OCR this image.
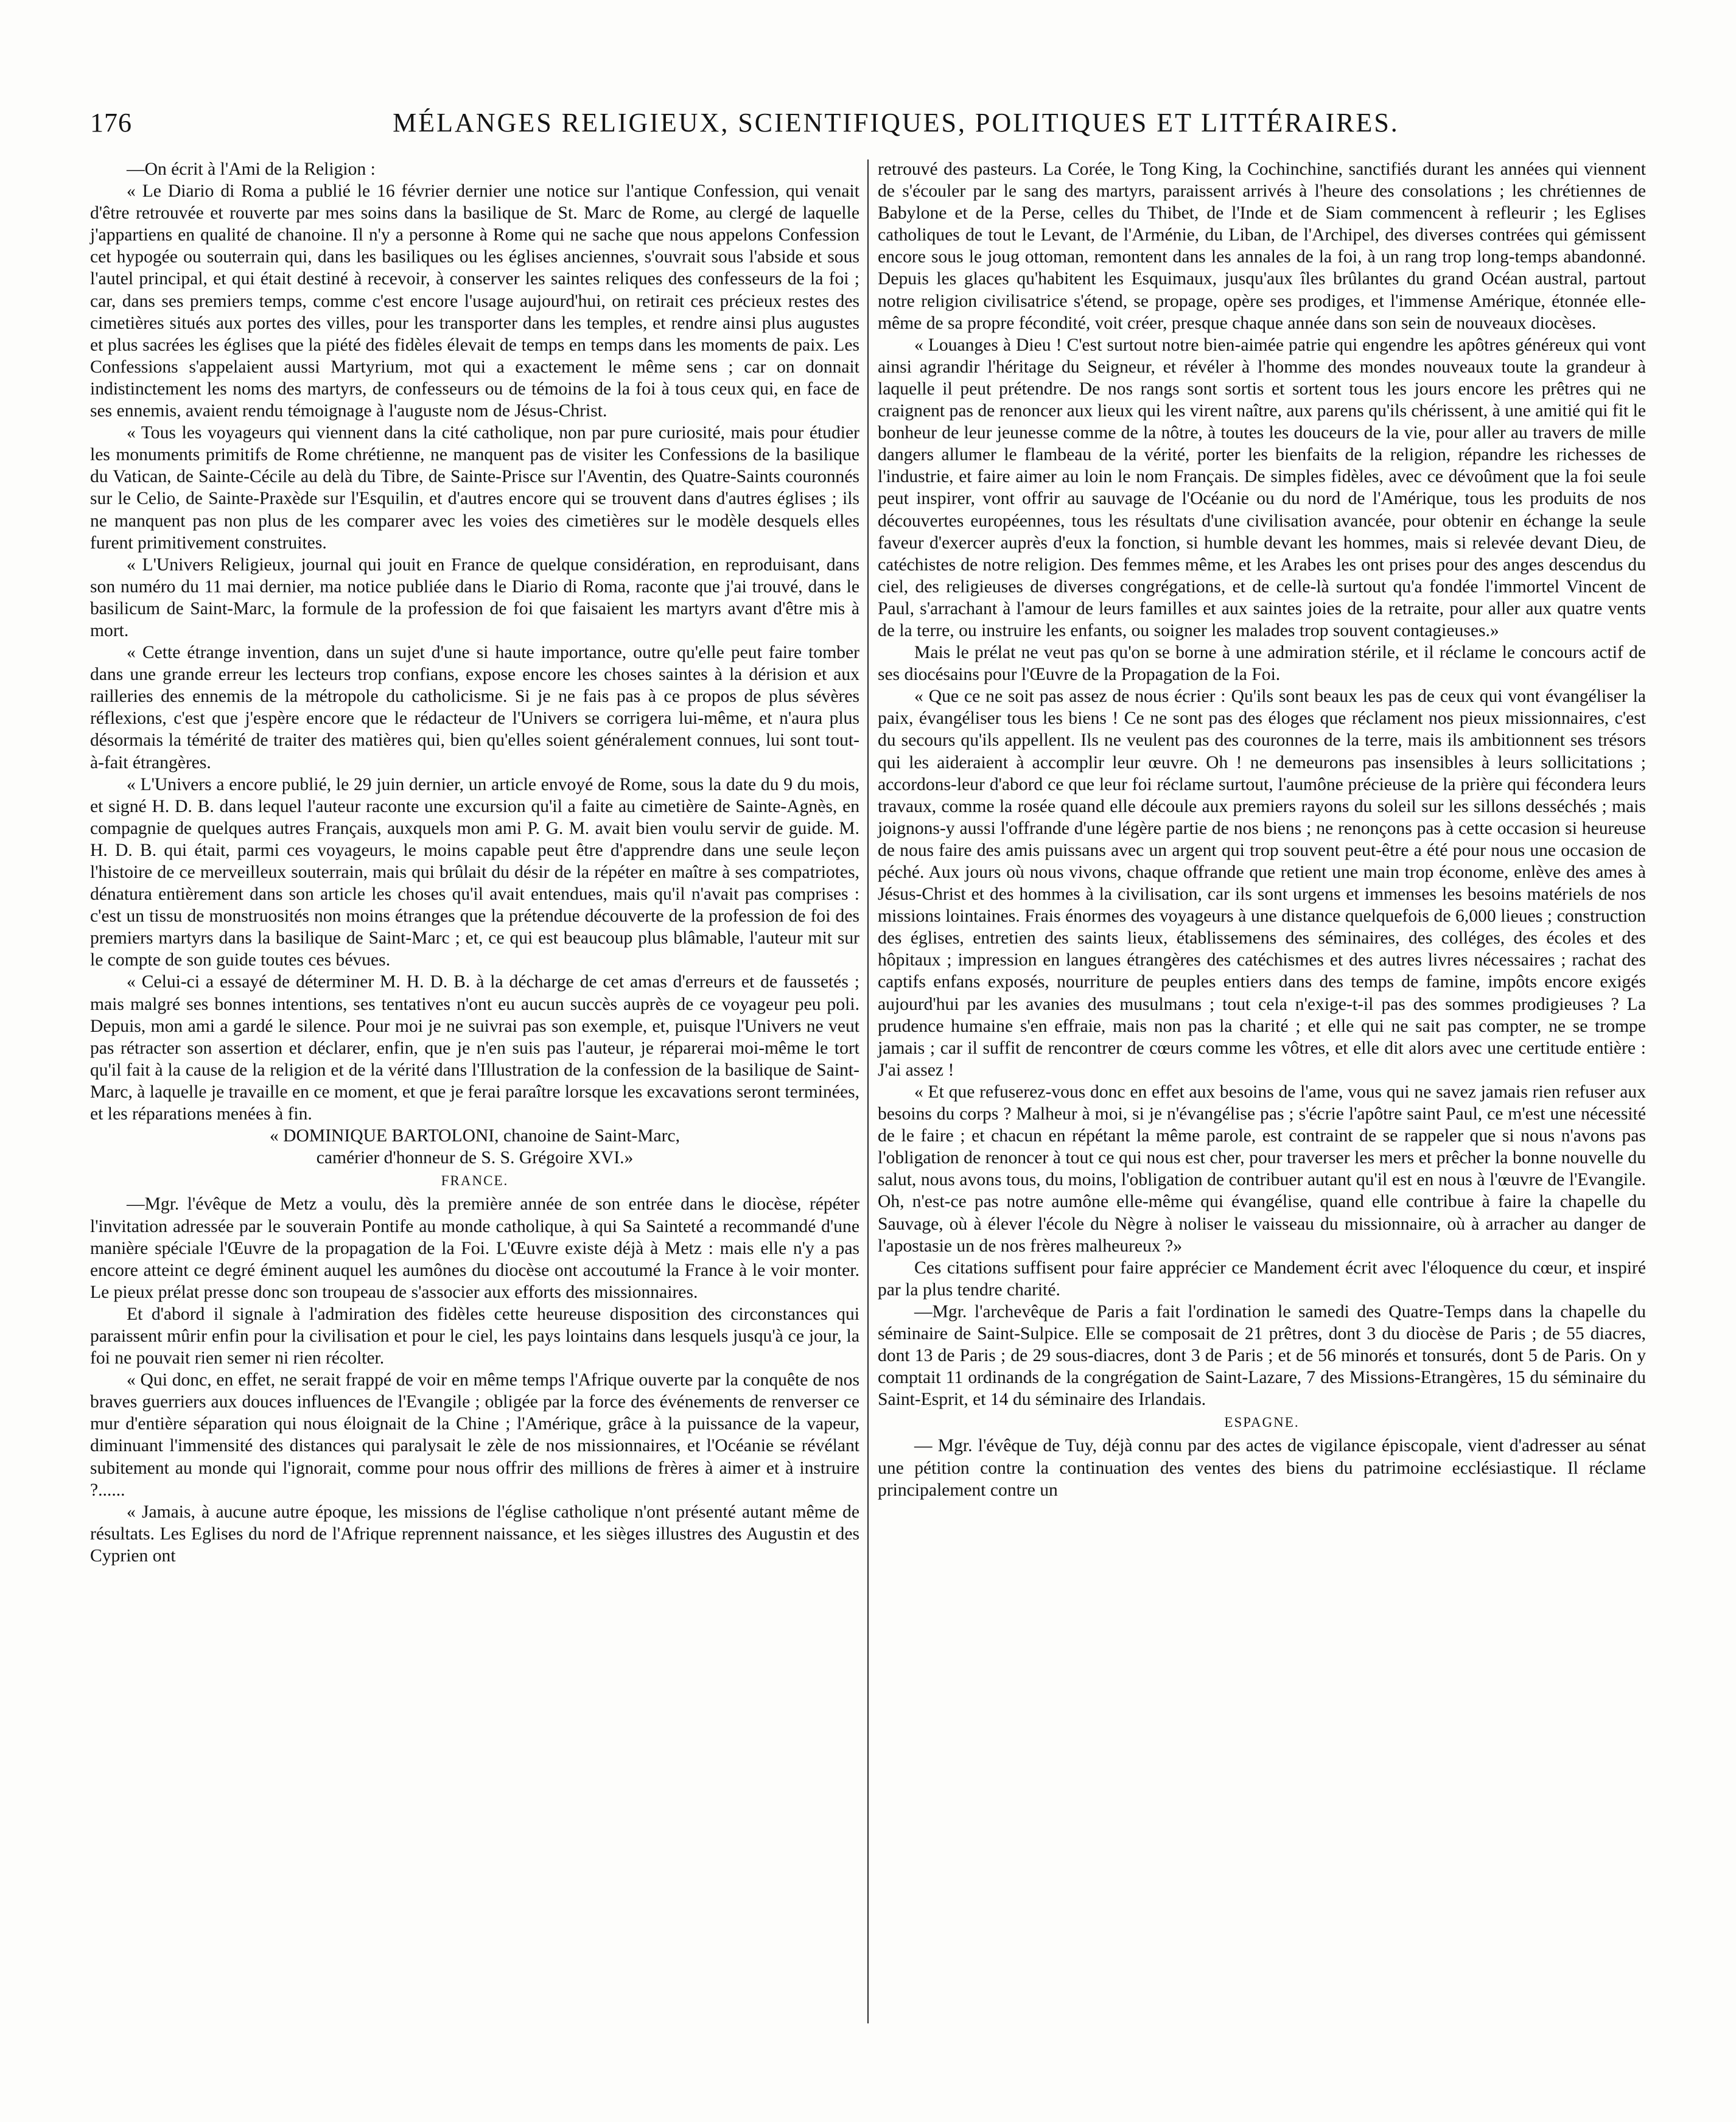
176	MÉLANGES RELIGIEUX, SCIENTIFIQUES, POLITIQUES ET LITTÉRAIRES.

—On écrit à l'Ami de la Religion :

« Le Diario di Roma a publié le 16 février dernier une notice sur l'antique Confession, qui venait d'être retrouvée et rouverte par mes soins dans la basilique de St. Marc de Rome, au clergé de laquelle j'appartiens en qualité de chanoine. Il n'y a personne à Rome qui ne sache que nous appelons Confession cet hypogée ou souterrain qui, dans les basiliques ou les églises anciennes, s'ouvrait sous l'abside et sous l'autel principal, et qui était destiné à recevoir, à conserver les saintes reliques des confesseurs de la foi ; car, dans ses premiers temps, comme c'est encore l'usage aujourd'hui, on retirait ces précieux restes des cimetières situés aux portes des villes, pour les transporter dans les temples, et rendre ainsi plus augustes et plus sacrées les églises que la piété des fidèles élevait de temps en temps dans les moments de paix. Les Confessions s'appelaient aussi Martyrium, mot qui a exactement le même sens ; car on donnait indistinctement les noms des martyrs, de confesseurs ou de témoins de la foi à tous ceux qui, en face de ses ennemis, avaient rendu témoignage à l'auguste nom de Jésus-Christ.

« Tous les voyageurs qui viennent dans la cité catholique, non par pure curiosité, mais pour étudier les monuments primitifs de Rome chrétienne, ne manquent pas de visiter les Confessions de la basilique du Vatican, de Sainte-Cécile au delà du Tibre, de Sainte-Prisce sur l'Aventin, des Quatre-Saints couronnés sur le Celio, de Sainte-Praxède sur l'Esquilin, et d'autres encore qui se trouvent dans d'autres églises ; ils ne manquent pas non plus de les comparer avec les voies des cimetières sur le modèle desquels elles furent primitivement construites.

« L'Univers Religieux, journal qui jouit en France de quelque considération, en reproduisant, dans son numéro du 11 mai dernier, ma notice publiée dans le Diario di Roma, raconte que j'ai trouvé, dans le basilicum de Saint-Marc, la formule de la profession de foi que faisaient les martyrs avant d'être mis à mort.

« Cette étrange invention, dans un sujet d'une si haute importance, outre qu'elle peut faire tomber dans une grande erreur les lecteurs trop confians, expose encore les choses saintes à la dérision et aux railleries des ennemis de la métropole du catholicisme. Si je ne fais pas à ce propos de plus sévères réflexions, c'est que j'espère encore que le rédacteur de l'Univers se corrigera lui-même, et n'aura plus désormais la témérité de traiter des matières qui, bien qu'elles soient généralement connues, lui sont tout-à-fait étrangères.

« L'Univers a encore publié, le 29 juin dernier, un article envoyé de Rome, sous la date du 9 du mois, et signé H. D. B. dans lequel l'auteur raconte une excursion qu'il a faite au cimetière de Sainte-Agnès, en compagnie de quelques autres Français, auxquels mon ami P. G. M. avait bien voulu servir de guide. M. H. D. B. qui était, parmi ces voyageurs, le moins capable peut être d'apprendre dans une seule leçon l'histoire de ce merveilleux souterrain, mais qui brûlait du désir de la répéter en maître à ses compatriotes, dénatura entièrement dans son article les choses qu'il avait entendues, mais qu'il n'avait pas comprises : c'est un tissu de monstruosités non moins étranges que la prétendue découverte de la profession de foi des premiers martyrs dans la basilique de Saint-Marc ; et, ce qui est beaucoup plus blâmable, l'auteur mit sur le compte de son guide toutes ces bévues.

« Celui-ci a essayé de déterminer M. H. D. B. à la décharge de cet amas d'erreurs et de faussetés ; mais malgré ses bonnes intentions, ses tentatives n'ont eu aucun succès auprès de ce voyageur peu poli. Depuis, mon ami a gardé le silence. Pour moi je ne suivrai pas son exemple, et, puisque l'Univers ne veut pas rétracter son assertion et déclarer, enfin, que je n'en suis pas l'auteur, je réparerai moi-même le tort qu'il fait à la cause de la religion et de la vérité dans l'Illustration de la confession de la basilique de Saint-Marc, à laquelle je travaille en ce moment, et que je ferai paraître lorsque les excavations seront terminées, et les réparations menées à fin.

« DOMINIQUE BARTOLONI, chanoine de Saint-Marc,

camérier d'honneur de S. S. Grégoire XVI.»

FRANCE.

—Mgr. l'évêque de Metz a voulu, dès la première année de son entrée dans le diocèse, répéter l'invitation adressée par le souverain Pontife au monde catholique, à qui Sa Sainteté a recommandé d'une manière spéciale l'Œuvre de la propagation de la Foi. L'Œuvre existe déjà à Metz : mais elle n'y a pas encore atteint ce degré éminent auquel les aumônes du diocèse ont accoutumé la France à le voir monter. Le pieux prélat presse donc son troupeau de s'associer aux efforts des missionnaires.

Et d'abord il signale à l'admiration des fidèles cette heureuse disposition des circonstances qui paraissent mûrir enfin pour la civilisation et pour le ciel, les pays lointains dans lesquels jusqu'à ce jour, la foi ne pouvait rien semer ni rien récolter.

« Qui donc, en effet, ne serait frappé de voir en même temps l'Afrique ouverte par la conquête de nos braves guerriers aux douces influences de l'Evangile ; obligée par la force des événements de renverser ce mur d'entière séparation qui nous éloignait de la Chine ; l'Amérique, grâce à la puissance de la vapeur, diminuant l'immensité des distances qui paralysait le zèle de nos missionnaires, et l'Océanie se révélant subitement au monde qui l'ignorait, comme pour nous offrir des millions de frères à aimer et à instruire ?......

« Jamais, à aucune autre époque, les missions de l'église catholique n'ont présenté autant même de résultats. Les Eglises du nord de l'Afrique reprennent naissance, et les sièges illustres des Augustin et des Cyprien ont

retrouvé des pasteurs. La Corée, le Tong King, la Cochinchine, sanctifiés durant les années qui viennent de s'écouler par le sang des martyrs, paraissent arrivés à l'heure des consolations ; les chrétiennes de Babylone et de la Perse, celles du Thibet, de l'Inde et de Siam commencent à refleurir ; les Eglises catholiques de tout le Levant, de l'Arménie, du Liban, de l'Archipel, des diverses contrées qui gémissent encore sous le joug ottoman, remontent dans les annales de la foi, à un rang trop long-temps abandonné. Depuis les glaces qu'habitent les Esquimaux, jusqu'aux îles brûlantes du grand Océan austral, partout notre religion civilisatrice s'étend, se propage, opère ses prodiges, et l'immense Amérique, étonnée elle-même de sa propre fécondité, voit créer, presque chaque année dans son sein de nouveaux diocèses.

« Louanges à Dieu ! C'est surtout notre bien-aimée patrie qui engendre les apôtres généreux qui vont ainsi agrandir l'héritage du Seigneur, et révéler à l'homme des mondes nouveaux toute la grandeur à laquelle il peut prétendre. De nos rangs sont sortis et sortent tous les jours encore les prêtres qui ne craignent pas de renoncer aux lieux qui les virent naître, aux parens qu'ils chérissent, à une amitié qui fit le bonheur de leur jeunesse comme de la nôtre, à toutes les douceurs de la vie, pour aller au travers de mille dangers allumer le flambeau de la vérité, porter les bienfaits de la religion, répandre les richesses de l'industrie, et faire aimer au loin le nom Français. De simples fidèles, avec ce dévoûment que la foi seule peut inspirer, vont offrir au sauvage de l'Océanie ou du nord de l'Amérique, tous les produits de nos découvertes européennes, tous les résultats d'une civilisation avancée, pour obtenir en échange la seule faveur d'exercer auprès d'eux la fonction, si humble devant les hommes, mais si relevée devant Dieu, de catéchistes de notre religion. Des femmes même, et les Arabes les ont prises pour des anges descendus du ciel, des religieuses de diverses congrégations, et de celle-là surtout qu'a fondée l'immortel Vincent de Paul, s'arrachant à l'amour de leurs familles et aux saintes joies de la retraite, pour aller aux quatre vents de la terre, ou instruire les enfants, ou soigner les malades trop souvent contagieuses.»

Mais le prélat ne veut pas qu'on se borne à une admiration stérile, et il réclame le concours actif de ses diocésains pour l'Œuvre de la Propagation de la Foi.

« Que ce ne soit pas assez de nous écrier : Qu'ils sont beaux les pas de ceux qui vont évangéliser la paix, évangéliser tous les biens ! Ce ne sont pas des éloges que réclament nos pieux missionnaires, c'est du secours qu'ils appellent. Ils ne veulent pas des couronnes de la terre, mais ils ambitionnent ses trésors qui les aideraient à accomplir leur œuvre. Oh ! ne demeurons pas insensibles à leurs sollicitations ; accordons-leur d'abord ce que leur foi réclame surtout, l'aumône précieuse de la prière qui fécondera leurs travaux, comme la rosée quand elle découle aux premiers rayons du soleil sur les sillons desséchés ; mais joignons-y aussi l'offrande d'une légère partie de nos biens ; ne renonçons pas à cette occasion si heureuse de nous faire des amis puissans avec un argent qui trop souvent peut-être a été pour nous une occasion de péché. Aux jours où nous vivons, chaque offrande que retient une main trop économe, enlève des ames à Jésus-Christ et des hommes à la civilisation, car ils sont urgens et immenses les besoins matériels de nos missions lointaines. Frais énormes des voyageurs à une distance quelquefois de 6,000 lieues ; construction des églises, entretien des saints lieux, établissemens des séminaires, des colléges, des écoles et des hôpitaux ; impression en langues étrangères des catéchismes et des autres livres nécessaires ; rachat des captifs enfans exposés, nourriture de peuples entiers dans des temps de famine, impôts encore exigés aujourd'hui par les avanies des musulmans ; tout cela n'exige-t-il pas des sommes prodigieuses ? La prudence humaine s'en effraie, mais non pas la charité ; et elle qui ne sait pas compter, ne se trompe jamais ; car il suffit de rencontrer de cœurs comme les vôtres, et elle dit alors avec une certitude entière : J'ai assez !

« Et que refuserez-vous donc en effet aux besoins de l'ame, vous qui ne savez jamais rien refuser aux besoins du corps ? Malheur à moi, si je n'évangélise pas ; s'écrie l'apôtre saint Paul, ce m'est une nécessité de le faire ; et chacun en répétant la même parole, est contraint de se rappeler que si nous n'avons pas l'obligation de renoncer à tout ce qui nous est cher, pour traverser les mers et prêcher la bonne nouvelle du salut, nous avons tous, du moins, l'obligation de contribuer autant qu'il est en nous à l'œuvre de l'Evangile. Oh, n'est-ce pas notre aumône elle-même qui évangélise, quand elle contribue à faire la chapelle du Sauvage, où à élever l'école du Nègre à noliser le vaisseau du missionnaire, où à arracher au danger de l'apostasie un de nos frères malheureux ?»

Ces citations suffisent pour faire apprécier ce Mandement écrit avec l'éloquence du cœur, et inspiré par la plus tendre charité.

—Mgr. l'archevêque de Paris a fait l'ordination le samedi des Quatre-Temps dans la chapelle du séminaire de Saint-Sulpice. Elle se composait de 21 prêtres, dont 3 du diocèse de Paris ; de 55 diacres, dont 13 de Paris ; de 29 sous-diacres, dont 3 de Paris ; et de 56 minorés et tonsurés, dont 5 de Paris. On y comptait 11 ordinands de la congrégation de Saint-Lazare, 7 des Missions-Etrangères, 15 du séminaire du Saint-Esprit, et 14 du séminaire des Irlandais.

ESPAGNE.

— Mgr. l'évêque de Tuy, déjà connu par des actes de vigilance épiscopale, vient d'adresser au sénat une pétition contre la continuation des ventes des biens du patrimoine ecclésiastique. Il réclame principalement contre un
